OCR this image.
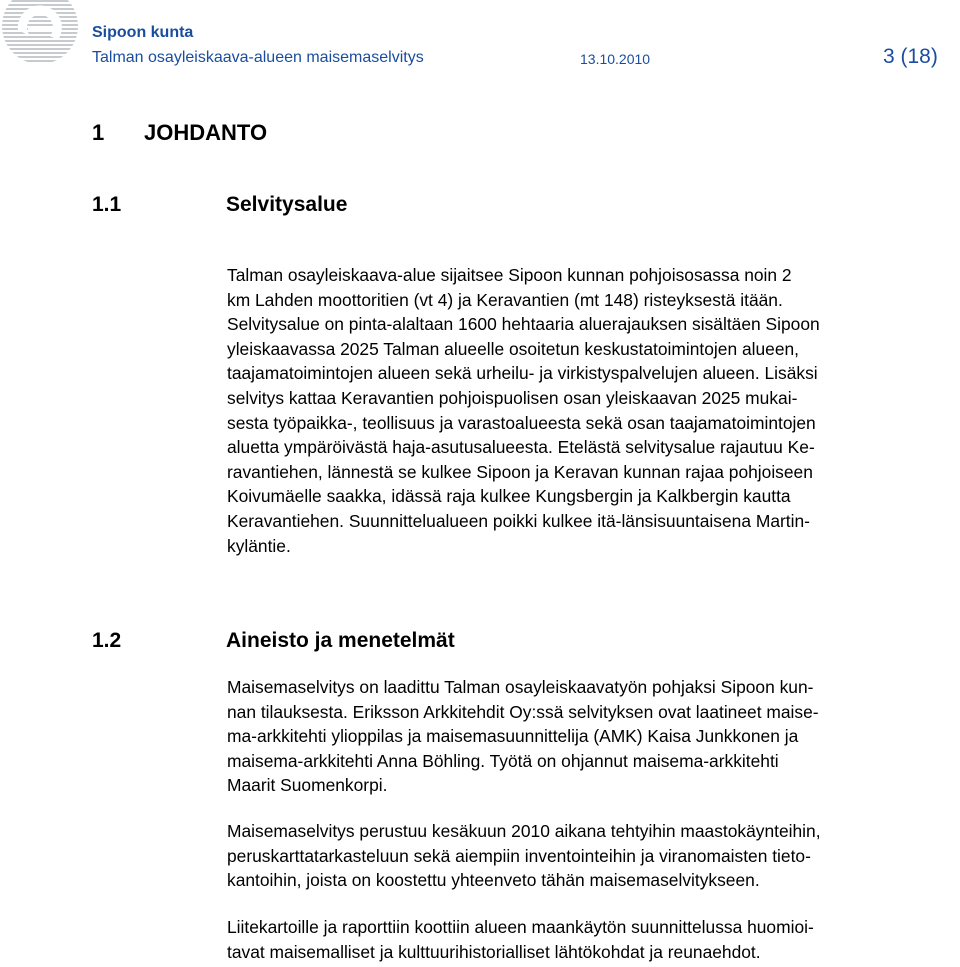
Sipoon kunta
Talman osayleiskaava-alueen maisemaselvitys	13.10.2010	3 (18)
1 JOHDANTO
1.1	Selvitysalue

Talman osayleiskaava-alue sijaitsee Sipoon kunnan pohjoisosassa noin 2
km Lahden moottoritien (vt 4) ja Keravantien (mt 148) risteyksestä itään.
Selvitysalue on pinta-alaltaan 1600 hehtaaria aluerajauksen sisältäen Sipoon
yleiskaavassa 2025 Talman alueelle osoitetun keskustatoimintojen alueen,
taajamatoimintojen alueen sekä urheilu- ja virkistyspalvelujen alueen. Lisäksi
selvitys kattaa Keravantien pohjoispuolisen osan yleiskaavan 2025 mukai-
sesta työpaikka-, teollisuus ja varastoalueesta sekä osan taajamatoimintojen
aluetta ympäröivästä haja-asutusalueesta. Etelästä selvitysalue rajautuu Ke-
ravantiehen, lännestä se kulkee Sipoon ja Keravan kunnan rajaa pohjoiseen
Koivumäelle saakka, idässä raja kulkee Kungsbergin ja Kalkbergin kautta
Keravantiehen. Suunnittelualueen poikki kulkee itä-länsisuuntaisena Martin-
kyläntie.

1.2	Aineisto ja menetelmät

Maisemaselvitys on laadittu Talman osayleiskaavatyön pohjaksi Sipoon kun-
nan tilauksesta. Eriksson Arkkitehdit Oy:ssä selvityksen ovat laatineet maise-
ma-arkkitehti ylioppilas ja maisemasuunnittelija (AMK) Kaisa Junkkonen ja
maisema-arkkitehti Anna Böhling. Työtä on ohjannut maisema-arkkitehti
Maarit Suomenkorpi.

Maisemaselvitys perustuu kesäkuun 2010 aikana tehtyihin maastokäynteihin,
peruskarttatarkasteluun sekä aiempiin inventointeihin ja viranomaisten tieto-
kantoihin, joista on koostettu yhteenveto tähän maisemaselvitykseen.

Liitekartoille ja raporttiin koottiin alueen maankäytön suunnittelussa huomioi-
tavat maisemalliset ja kulttuurihistorialliset lähtökohdat ja reunaehdot.
